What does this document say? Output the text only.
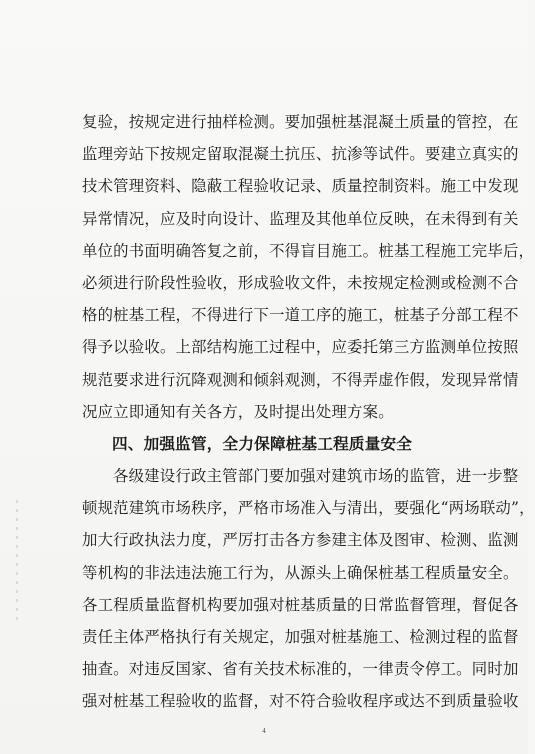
复验，按规定进行抽样检测。要加强桩基混凝土质量的管控，在
监理旁站下按规定留取混凝土抗压、抗渗等试件。要建立真实的
技术管理资料、隐蔽工程验收记录、质量控制资料。施工中发现
异常情况，应及时向设计、监理及其他单位反映，在未得到有关
单位的书面明确答复之前，不得盲目施工。桩基工程施工完毕后，
必须进行阶段性验收，形成验收文件，未按规定检测或检测不合
格的桩基工程，不得进行下一道工序的施工，桩基子分部工程不
得予以验收。上部结构施工过程中，应委托第三方监测单位按照
规范要求进行沉降观测和倾斜观测，不得弄虚作假，发现异常情
况应立即通知有关各方，及时提出处理方案。
四、加强监管，全力保障桩基工程质量安全
各级建设行政主管部门要加强对建筑市场的监管，进一步整
顿规范建筑市场秩序，严格市场准入与清出，要强化“两场联动”，
加大行政执法力度，严厉打击各方参建主体及图审、检测、监测
等机构的非法违法施工行为，从源头上确保桩基工程质量安全。
各工程质量监督机构要加强对桩基质量的日常监督管理，督促各
责任主体严格执行有关规定，加强对桩基施工、检测过程的监督
抽查。对违反国家、省有关技术标准的，一律责令停工。同时加
强对桩基工程验收的监督，对不符合验收程序或达不到质量验收
4
